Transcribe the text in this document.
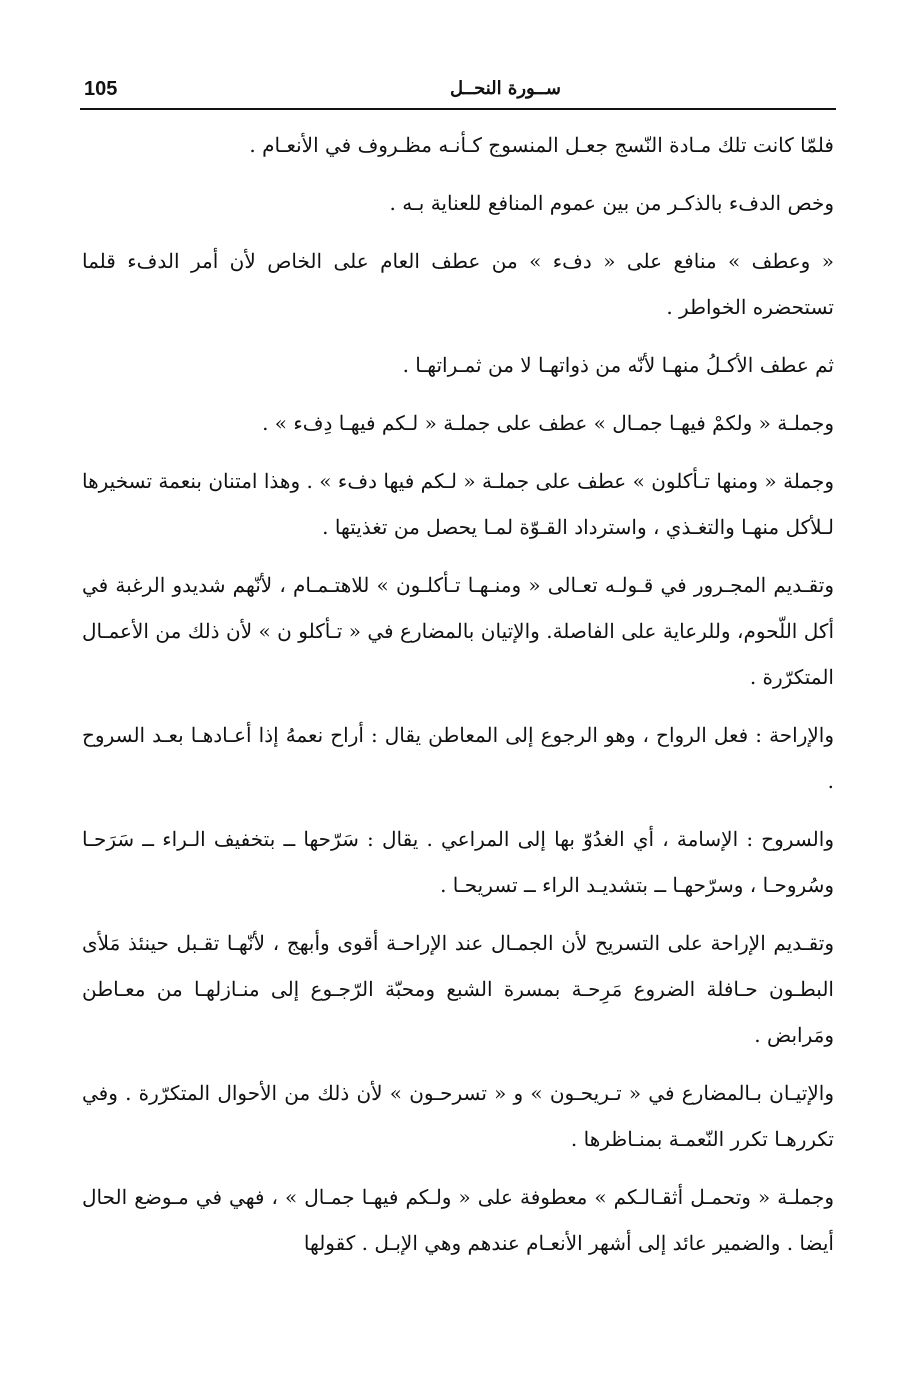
105	ســورة النحــل

فلمّا كانت تلك مـادة النّسج جعـل المنسوج كـأنـه مظـروف في الأنعـام .

وخص الدفء بالذكـر من بين عموم المنافع للعناية بـه .

« وعطف » منافع على « دفء » من عطف العام على الخاص لأن أمر الدفء قلما تستحضره الخواطر .

ثم عطف الأكـلُ منهـا لأنّه من ذواتهـا لا من ثمـراتهـا .

وجملـة « ولكمْ فيهـا جمـال » عطف على جملـة « لـكم فيهـا دِفء » .

وجملة « ومنها تـأكلون » عطف على جملـة « لـكم فيها دفء » . وهذا امتنان بنعمة تسخيرها لـلأكل منهـا والتغـذي ، واسترداد القـوّة لمـا يحصل من تغذيتها .

وتقـديم المجـرور في قـولـه تعـالى « ومنـهـا تـأكلـون » للاهتـمـام ، لأنّهم شديدو الرغبة في أكل اللّحوم، وللرعاية على الفاصلة. والإتيان بالمضارع في « تـأكلو ن » لأن ذلك من الأعمـال المتكرّرة .

والإراحة : فعل الرواح ، وهو الرجوع إلى المعاطن يقال : أراح نعمهُ إذا أعـادهـا بعـد السروح .

والسروح : الإسامة ، أي الغدُوّ بها إلى المراعي . يقال : سَرّحها ــ بتخفيف الـراء ــ سَرَحـا وسُروحـا ، وسرّحهـا ــ بتشديـد الراء ــ تسريحـا .

وتقـديم الإراحة على التسريح لأن الجمـال عند الإراحـة أقوى وأبهج ، لأنّهـا تقـبل حينئذ مَلأى البطـون حـافلة الضروع مَرِحـة بمسرة الشبع ومحبّة الرّجـوع إلى منـازلهـا من معـاطن ومَرابض .

والإتيـان بـالمضارع في « تـريحـون » و « تسرحـون » لأن ذلك من الأحوال المتكرّرة . وفي تكررهـا تكرر النّعمـة بمنـاظرها .

وجملـة « وتحمـل أثقـالـكم » معطوفة على « ولـكم فيهـا جمـال » ، فهي في مـوضع الحال أيضا . والضمير عائد إلى أشهر الأنعـام عندهم وهي الإبـل . كقولها
